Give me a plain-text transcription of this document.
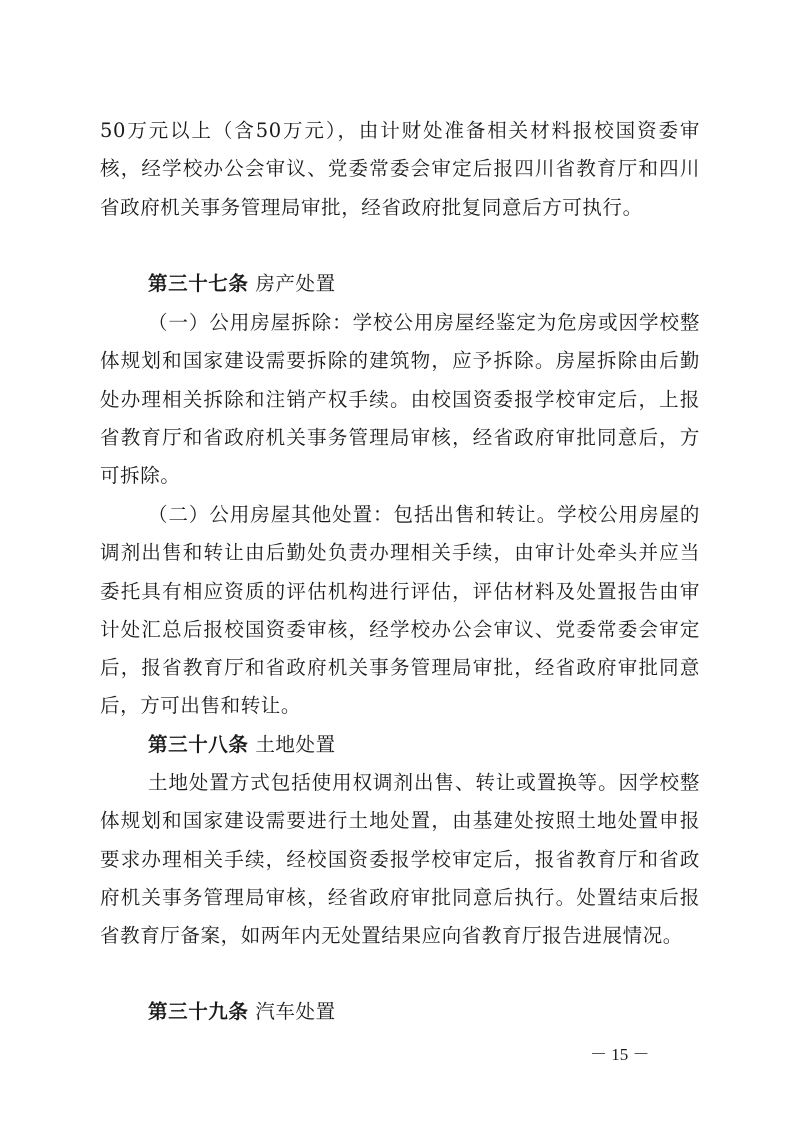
50万元以上（含50万元），由计财处准备相关材料报校国资委审核，经学校办公会审议、党委常委会审定后报四川省教育厅和四川省政府机关事务管理局审批，经省政府批复同意后方可执行。

第三十七条 房产处置

（一）公用房屋拆除：学校公用房屋经鉴定为危房或因学校整体规划和国家建设需要拆除的建筑物，应予拆除。房屋拆除由后勤处办理相关拆除和注销产权手续。由校国资委报学校审定后，上报省教育厅和省政府机关事务管理局审核，经省政府审批同意后，方可拆除。

（二）公用房屋其他处置：包括出售和转让。学校公用房屋的调剂出售和转让由后勤处负责办理相关手续，由审计处牵头并应当委托具有相应资质的评估机构进行评估，评估材料及处置报告由审计处汇总后报校国资委审核，经学校办公会审议、党委常委会审定后，报省教育厅和省政府机关事务管理局审批，经省政府审批同意后，方可出售和转让。

第三十八条 土地处置

土地处置方式包括使用权调剂出售、转让或置换等。因学校整体规划和国家建设需要进行土地处置，由基建处按照土地处置申报要求办理相关手续，经校国资委报学校审定后，报省教育厅和省政府机关事务管理局审核，经省政府审批同意后执行。处置结束后报省教育厅备案，如两年内无处置结果应向省教育厅报告进展情况。

第三十九条 汽车处置

－ 15 －
